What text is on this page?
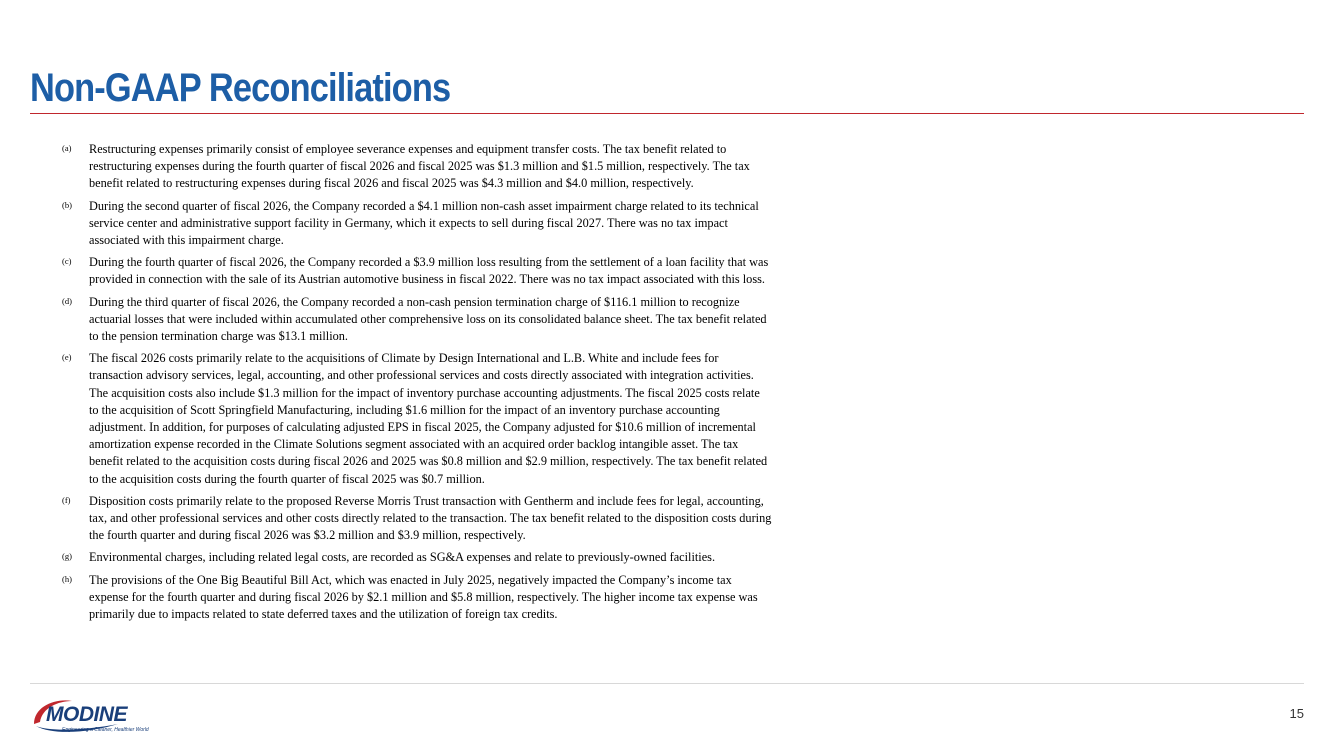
Non-GAAP Reconciliations
(a) Restructuring expenses primarily consist of employee severance expenses and equipment transfer costs. The tax benefit related to
restructuring expenses during the fourth quarter of fiscal 2026 and fiscal 2025 was $1.3 million and $1.5 million, respectively. The tax
benefit related to restructuring expenses during fiscal 2026 and fiscal 2025 was $4.3 million and $4.0 million, respectively.

(b) During the second quarter of fiscal 2026, the Company recorded a $4.1 million non-cash asset impairment charge related to its technical
service center and administrative support facility in Germany, which it expects to sell during fiscal 2027. There was no tax impact
associated with this impairment charge.

(c) During the fourth quarter of fiscal 2026, the Company recorded a $3.9 million loss resulting from the settlement of a loan facility that was
provided in connection with the sale of its Austrian automotive business in fiscal 2022. There was no tax impact associated with this loss.

(d) During the third quarter of fiscal 2026, the Company recorded a non-cash pension termination charge of $116.1 million to recognize
actuarial losses that were included within accumulated other comprehensive loss on its consolidated balance sheet. The tax benefit related
to the pension termination charge was $13.1 million.

(e) The fiscal 2026 costs primarily relate to the acquisitions of Climate by Design International and L.B. White and include fees for
transaction advisory services, legal, accounting, and other professional services and costs directly associated with integration activities.
The acquisition costs also include $1.3 million for the impact of inventory purchase accounting adjustments. The fiscal 2025 costs relate
to the acquisition of Scott Springfield Manufacturing, including $1.6 million for the impact of an inventory purchase accounting
adjustment. In addition, for purposes of calculating adjusted EPS in fiscal 2025, the Company adjusted for $10.6 million of incremental
amortization expense recorded in the Climate Solutions segment associated with an acquired order backlog intangible asset. The tax
benefit related to the acquisition costs during fiscal 2026 and 2025 was $0.8 million and $2.9 million, respectively. The tax benefit related
to the acquisition costs during the fourth quarter of fiscal 2025 was $0.7 million.

(f) Disposition costs primarily relate to the proposed Reverse Morris Trust transaction with Gentherm and include fees for legal, accounting,
tax, and other professional services and other costs directly related to the transaction. The tax benefit related to the disposition costs during
the fourth quarter and during fiscal 2026 was $3.2 million and $3.9 million, respectively.

(g) Environmental charges, including related legal costs, are recorded as SG&A expenses and relate to previously-owned facilities.

(h) The provisions of the One Big Beautiful Bill Act, which was enacted in July 2025, negatively impacted the Company’s income tax
expense for the fourth quarter and during fiscal 2026 by $2.1 million and $5.8 million, respectively. The higher income tax expense was
primarily due to impacts related to state deferred taxes and the utilization of foreign tax credits.

MODINE
Engineering a Cleaner, Healthier World
15
